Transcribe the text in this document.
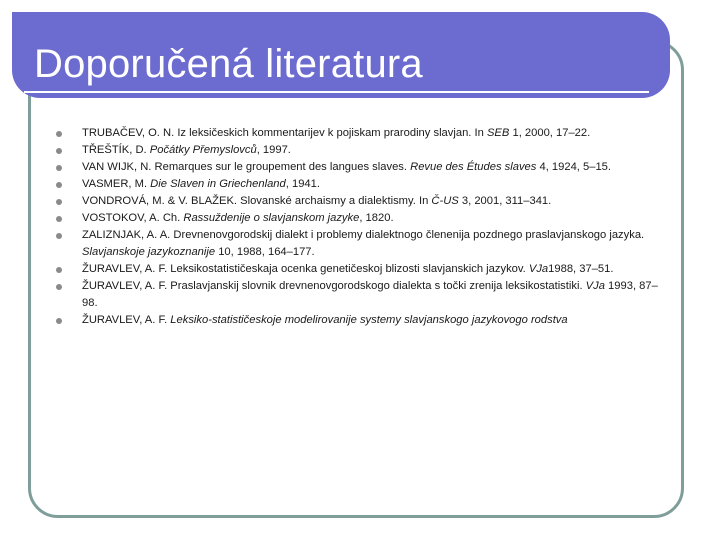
Doporučená literatura
TRUBAČEV, O. N. Iz leksičeskich kommentarijev k pojiskam prarodiny slavjan. In SEB 1, 2000, 17–22.
TŘEŠTÍK, D. Počátky Přemyslovců, 1997.
VAN WIJK, N. Remarques sur le groupement des langues slaves. Revue des Études slaves 4, 1924, 5–15.
VASMER, M. Die Slaven in Griechenland, 1941.
VONDROVÁ, M. & V. BLAŽEK. Slovanské archaismy a dialektismy. In Č-US 3, 2001, 311–341.
VOSTOKOV, A. Ch. Rassuždenije o slavjanskom jazyke, 1820.
ZALIZNJAK, A. A. Drevnenovgorodskij dialekt i problemy dialektnogo členenija pozdnego praslavjanskogo jazyka. Slavjanskoje jazykoznanije 10, 1988, 164–177.
ŽURAVLEV, A. F. Leksikostatističeskaja ocenka genetičeskoj blizosti slavjanskich jazykov. VJa1988, 37–51.
ŽURAVLEV, A. F. Praslavjanskij slovnik drevnenovgorodskogo dialekta s točki zrenija leksikostatistiki. VJa 1993, 87–98.
ŽURAVLEV, A. F. Leksiko-statističeskoje modelirovanije systemy slavjanskogo jazykovogo rodstva
